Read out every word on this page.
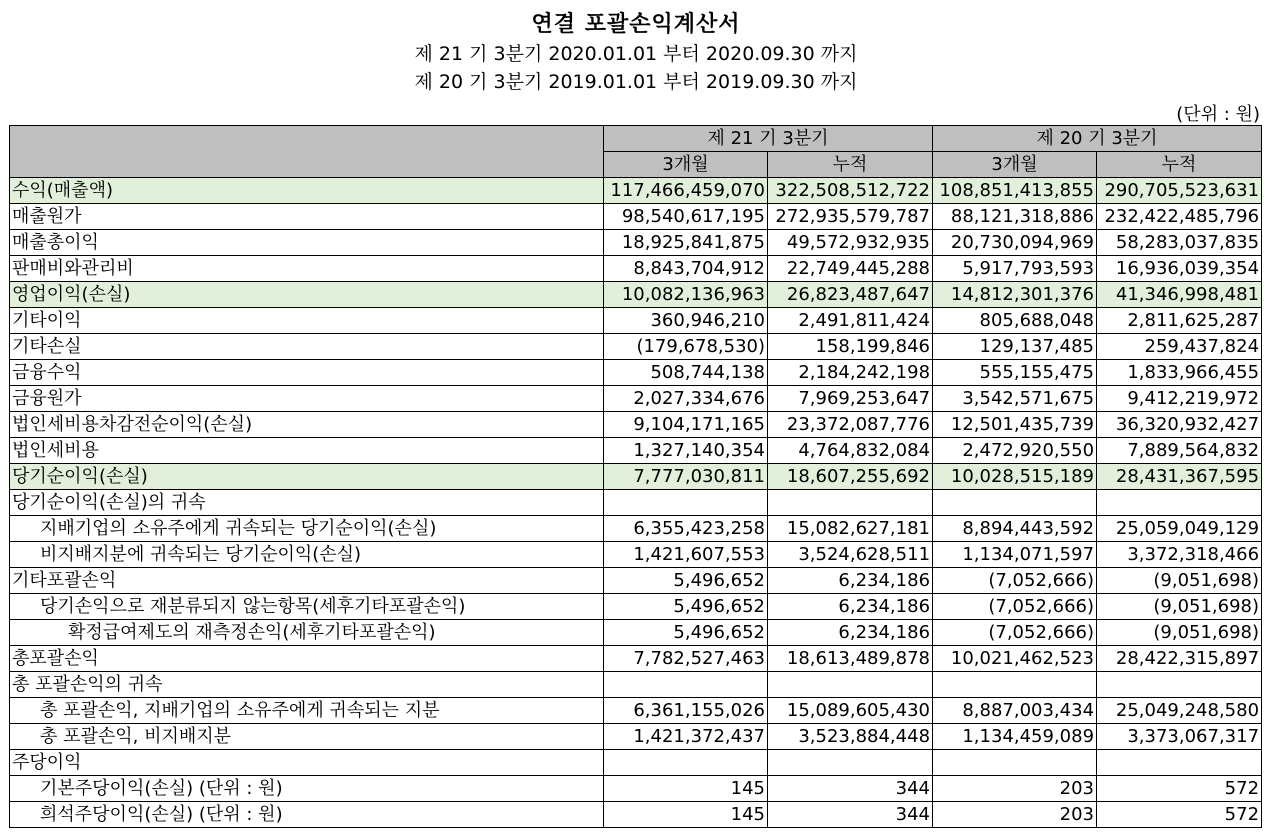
연결 포괄손익계산서
제 21 기 3분기 2020.01.01 부터 2020.09.30 까지
제 20 기 3분기 2019.01.01 부터 2019.09.30 까지
(단위 : 원)
	제 21 기 3분기		제 20 기 3분기	
	3개월	누적	3개월	누적
수익(매출액)	117,466,459,070	322,508,512,722	108,851,413,855	290,705,523,631
매출원가	98,540,617,195	272,935,579,787	88,121,318,886	232,422,485,796
매출총이익	18,925,841,875	49,572,932,935	20,730,094,969	58,283,037,835
판매비와관리비	8,843,704,912	22,749,445,288	5,917,793,593	16,936,039,354
영업이익(손실)	10,082,136,963	26,823,487,647	14,812,301,376	41,346,998,481
기타이익	360,946,210	2,491,811,424	805,688,048	2,811,625,287
기타손실	(179,678,530)	158,199,846	129,137,485	259,437,824
금융수익	508,744,138	2,184,242,198	555,155,475	1,833,966,455
금융원가	2,027,334,676	7,969,253,647	3,542,571,675	9,412,219,972
법인세비용차감전순이익(손실)	9,104,171,165	23,372,087,776	12,501,435,739	36,320,932,427
법인세비용	1,327,140,354	4,764,832,084	2,472,920,550	7,889,564,832
당기순이익(손실)	7,777,030,811	18,607,255,692	10,028,515,189	28,431,367,595
당기순이익(손실)의 귀속				
지배기업의 소유주에게 귀속되는 당기순이익(손실)	6,355,423,258	15,082,627,181	8,894,443,592	25,059,049,129
비지배지분에 귀속되는 당기순이익(손실)	1,421,607,553	3,524,628,511	1,134,071,597	3,372,318,466
기타포괄손익	5,496,652	6,234,186	(7,052,666)	(9,051,698)
당기손익으로 재분류되지 않는항목(세후기타포괄손익)	5,496,652	6,234,186	(7,052,666)	(9,051,698)
확정급여제도의 재측정손익(세후기타포괄손익)	5,496,652	6,234,186	(7,052,666)	(9,051,698)
총포괄손익	7,782,527,463	18,613,489,878	10,021,462,523	28,422,315,897
총 포괄손익의 귀속				
총 포괄손익, 지배기업의 소유주에게 귀속되는 지분	6,361,155,026	15,089,605,430	8,887,003,434	25,049,248,580
총 포괄손익, 비지배지분	1,421,372,437	3,523,884,448	1,134,459,089	3,373,067,317
주당이익				
기본주당이익(손실) (단위 : 원)	145	344	203	572
희석주당이익(손실) (단위 : 원)	145	344	203	572
